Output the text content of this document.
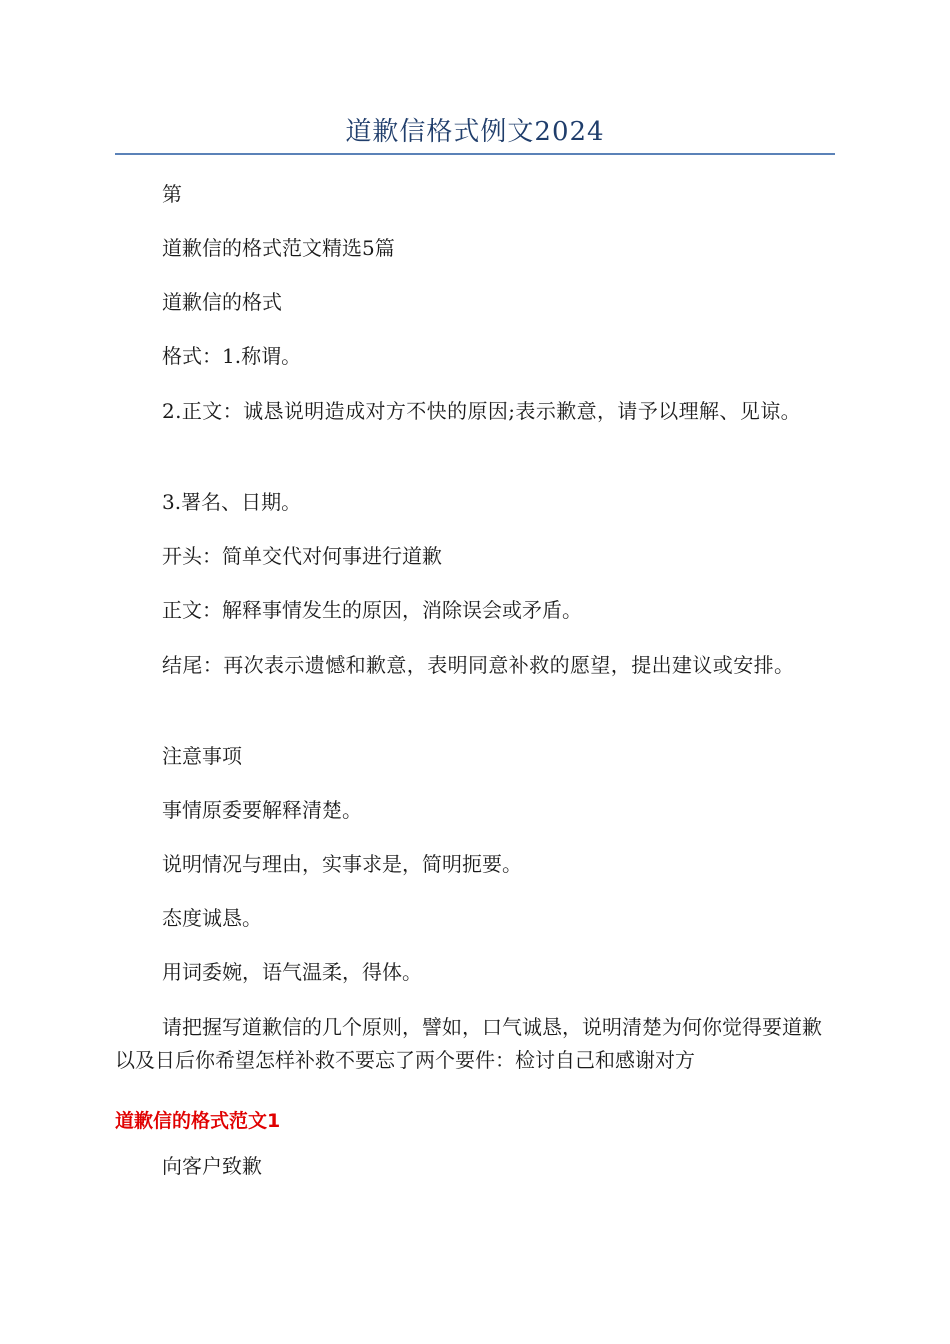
道歉信格式例文2024

第

道歉信的格式范文精选5篇

道歉信的格式

格式：1.称谓。

2.正文：诚恳说明造成对方不快的原因;表示歉意，请予以理解、见谅。

3.署名、日期。

开头：简单交代对何事进行道歉

正文：解释事情发生的原因，消除误会或矛盾。

结尾：再次表示遗憾和歉意，表明同意补救的愿望，提出建议或安排。

注意事项

事情原委要解释清楚。

说明情况与理由，实事求是，简明扼要。

态度诚恳。

用词委婉，语气温柔，得体。

请把握写道歉信的几个原则，譬如，口气诚恳，说明清楚为何你觉得要道歉以及日后你希望怎样补救不要忘了两个要件：检讨自己和感谢对方

道歉信的格式范文1

向客户致歉
